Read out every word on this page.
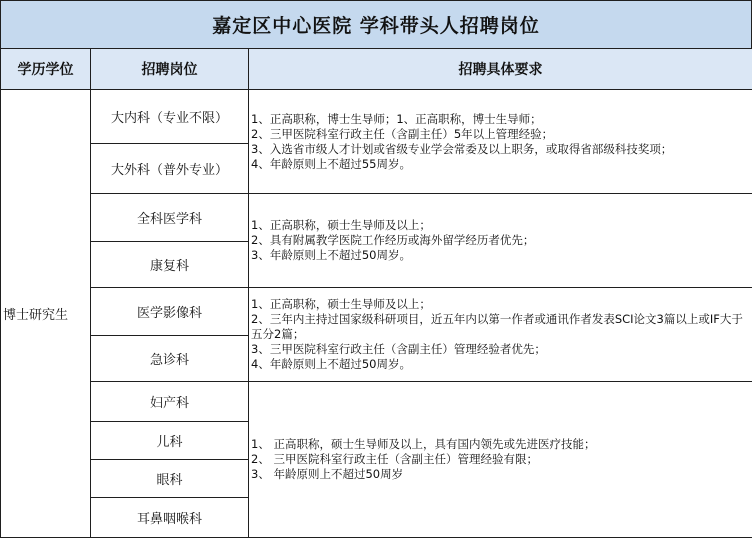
嘉定区中心医院 学科带头人招聘岗位
学历学位	招聘岗位	招聘具体要求
博士研究生	大内科（专业不限）	1、正高职称，博士生导师；1、正高职称，博士生导师；
2、三甲医院科室行政主任（含副主任）5年以上管理经验；
3、入选省市级人才计划或省级专业学会常委及以上职务，或取得省部级科技奖项；
4、年龄原则上不超过55周岁。

	大外科（普外专业）	
	全科医学科	1、正高职称，硕士生导师及以上；
2、具有附属教学医院工作经历或海外留学经历者优先；
3、年龄原则上不超过50周岁。

	康复科	
	医学影像科	1、正高职称，硕士生导师及以上；
2、三年内主持过国家级科研项目，近五年内以第一作者或通讯作者发表SCI论文3篇以上或IF大于五分2篇；
3、三甲医院科室行政主任（含副主任）管理经验者优先；
4、年龄原则上不超过50周岁。

	急诊科	
	妇产科	1、 正高职称，硕士生导师及以上，具有国内领先或先进医疗技能；
2、 三甲医院科室行政主任（含副主任）管理经验有限；
3、 年龄原则上不超过50周岁

	儿科	
	眼科	
	耳鼻咽喉科	
